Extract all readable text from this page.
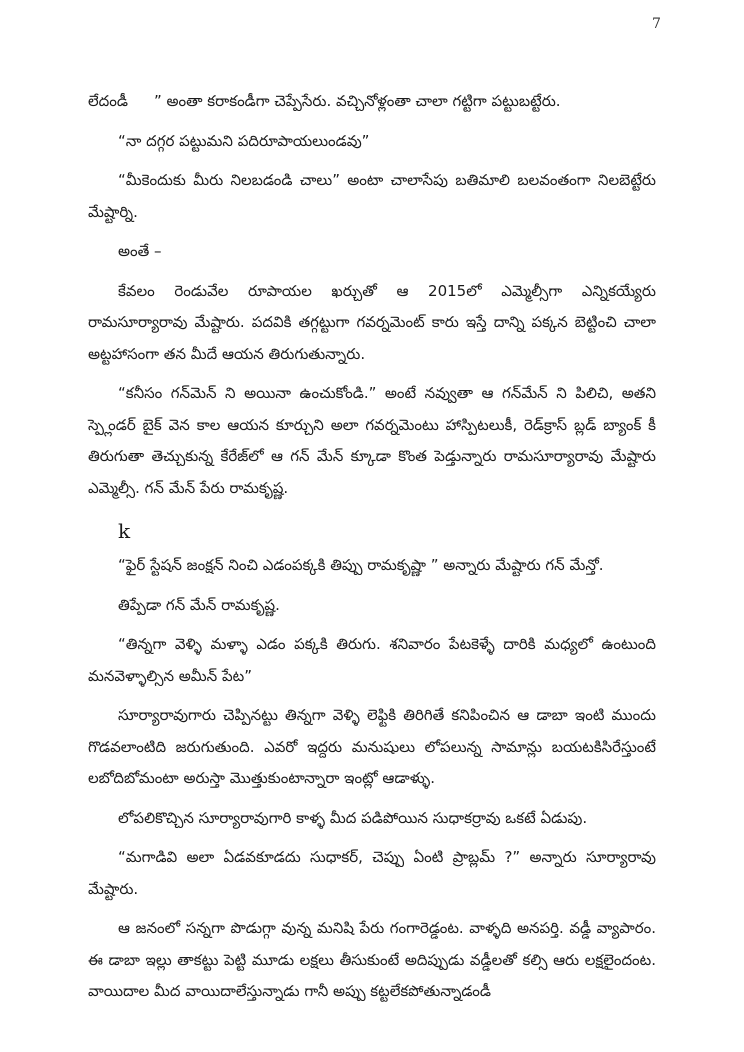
7

లేదండీ ” అంతా కరాకండీగా చెప్పేసేరు. వచ్చినోళ్లంతా చాలా గట్టిగా పట్టుబట్టేరు.

“నా దగ్గర పట్టుమని పదిరూపాయలుండవు”

“మీకెందుకు మీరు నిలబడండి చాలు” అంటా చాలాసేపు బతిమాలి బలవంతంగా నిలబెట్టేరు మేష్టార్ని.

అంతే –

కేవలం రెండువేల రూపాయల ఖర్చుతో ఆ 2015లో ఎమ్మెల్సీగా ఎన్నికయ్యేరు రామసూర్యారావు మేష్టారు. పదవికి తగ్గట్టుగా గవర్నమెంట్ కారు ఇస్తే దాన్ని పక్కన బెట్టించి చాలా అట్టహాసంగా తన మీదే ఆయన తిరుగుతున్నారు.

“కనీసం గన్‌మెన్ ని అయినా ఉంచుకోండి.” అంటే నవ్వుతా ఆ గన్‌మేన్ ని పిలిచి, అతని స్ప్లెండర్ బైక్ వెన కాల ఆయన కూర్చుని అలా గవర్నమెంటు హాస్పిటలుకీ, రెడ్‌క్రాస్ బ్లడ్ బ్యాంక్ కీ తిరుగుతా తెచ్చుకున్న కేరేజ్‌లో ఆ గన్ మేన్ క్కూడా కొంత పెడ్తున్నారు రామసూర్యారావు మేష్టారు ఎమ్మెల్సీ. గన్ మేన్ పేరు రామకృష్ణ.

k

“ఫైర్ స్టేషన్ జంక్షన్ నించి ఎడంపక్కకి తిప్పు రామకృష్ణా ” అన్నారు మేష్టారు గన్ మేన్తో.

తిప్పేడా గన్ మేన్ రామకృష్ణ.

“తిన్నగా వెళ్ళి మళ్ళా ఎడం పక్కకి తిరుగు. శనివారం పేటకెళ్ళే దారికి మధ్యలో ఉంటుంది మనవెళ్ళాల్సిన అమీన్ పేట”

సూర్యారావుగారు చెప్పినట్టు తిన్నగా వెళ్ళి లెఫ్టికి తిరిగితే కనిపించిన ఆ డాబా ఇంటి ముందు గొడవలాంటిది జరుగుతుంది. ఎవరో ఇద్దరు మనుషులు లోపలున్న సామాన్లు బయటకిసిరేస్తుంటే లబోదిబోమంటా అరుస్తా మొత్తుకుంటాన్నారా ఇంట్లో ఆడాళ్ళు.

లోపలికొచ్చిన సూర్యారావుగారి కాళ్ళ మీద పడిపోయిన సుధాకర్రావు ఒకటే ఏడుపు.

“మగాడివి అలా ఏడవకూడదు సుధాకర్, చెప్పు ఏంటి ప్రాబ్లమ్ ?” అన్నారు సూర్యారావు మేష్టారు.

ఆ జనంలో సన్నగా పొడుగ్గా వున్న మనిషి పేరు గంగారెడ్డంట. వాళ్ళది అనపర్తి. వడ్డీ వ్యాపారం. ఈ డాబా ఇల్లు తాకట్టు పెట్టి మూడు లక్షలు తీసుకుంటే అదిప్పుడు వడ్డీలతో కల్సి ఆరు లక్షలైందంట. వాయిదాల మీద వాయిదాలేస్తున్నాడు గానీ అప్పు కట్టలేకపోతున్నాడండీ
